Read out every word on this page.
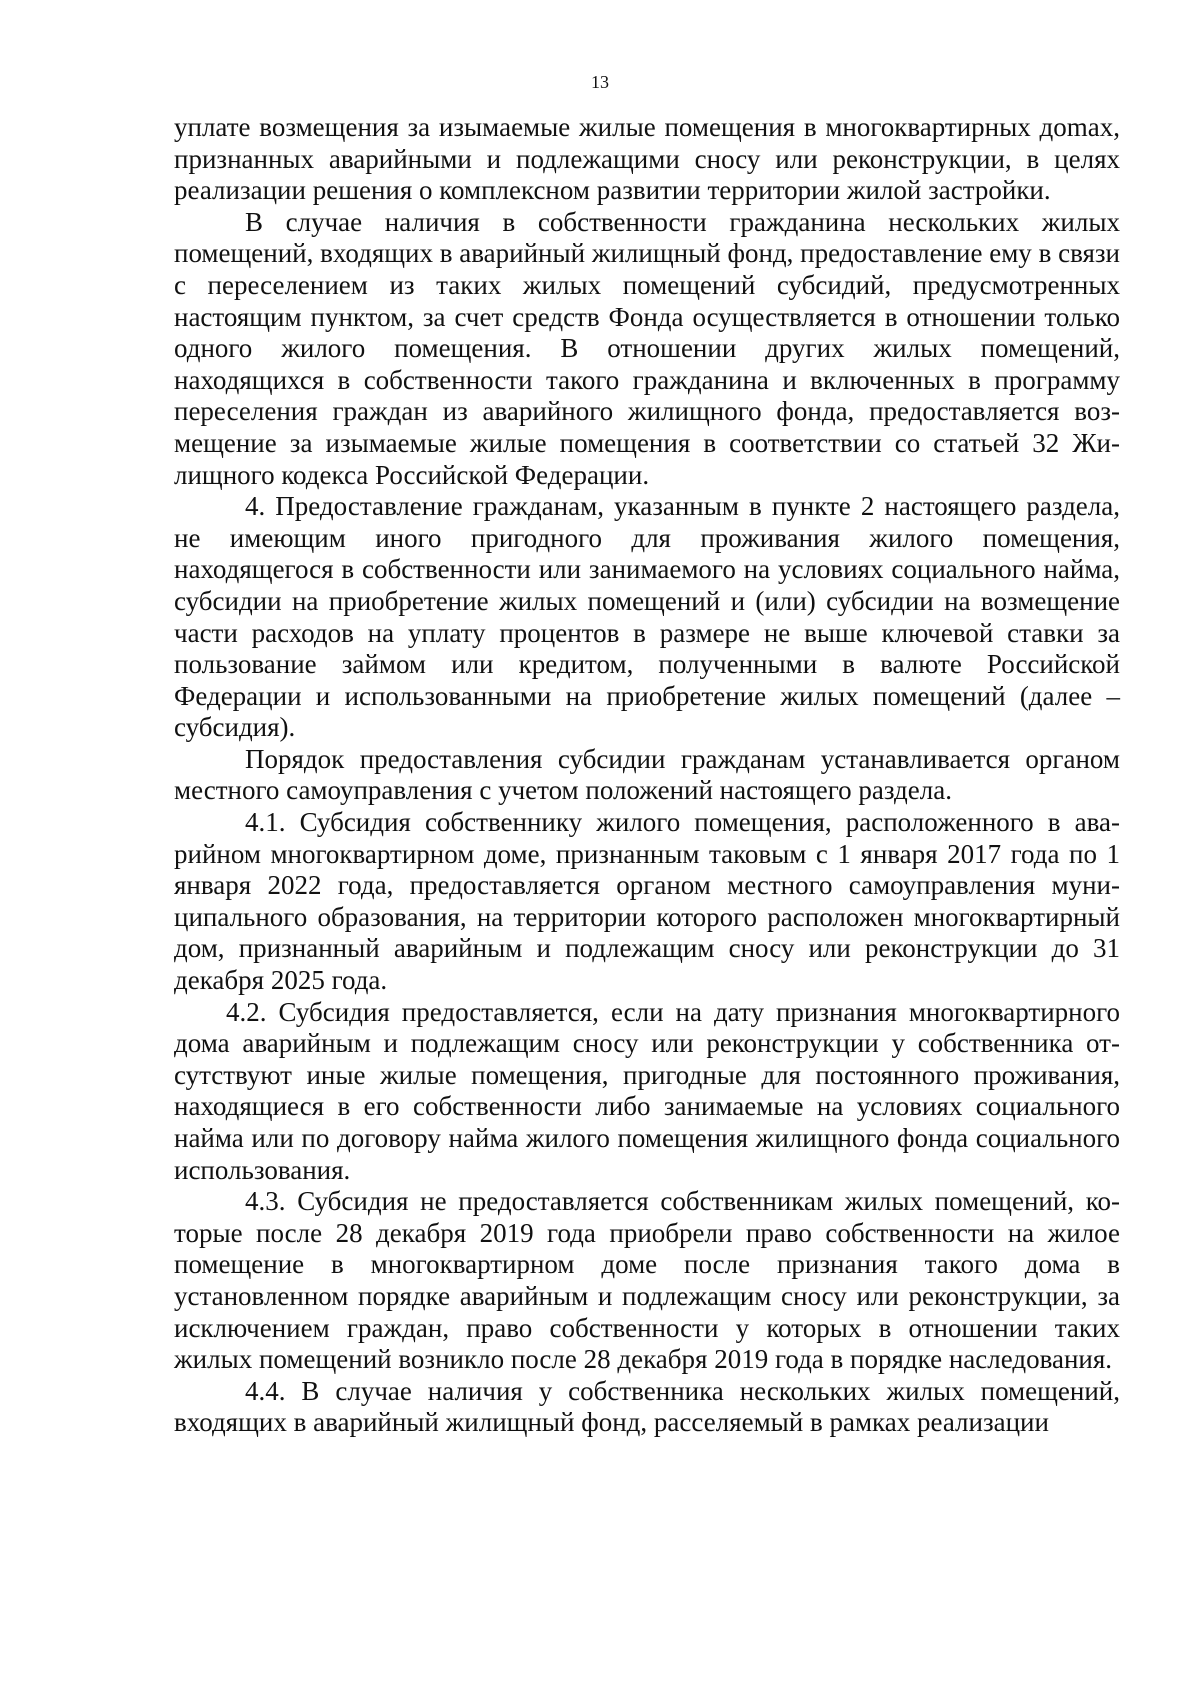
13

уплате возмещения за изымаемые жилые помещения в многоквартирных доmах, признанных аварийными и подлежащими сносу или реконструкции, в целях реализации решения о комплексном развитии территории жилой застройки.

В случае наличия в собственности гражданина нескольких жилых помещений, входящих в аварийный жилищный фонд, предоставление ему в связи с переселением из таких жилых помещений субсидий, предусмотренных настоящим пунктом, за счет средств Фонда осуществляется в отношении только одного жилого помещения. В отношении других жилых помещений, находящихся в собственности такого гражданина и включенных в программу переселения граждан из аварийного жилищного фонда, предоставляется возмещение за изымаемые жилые помещения в соответствии со статьей 32 Жилищного кодекса Российской Федерации.

4. Предоставление гражданам, указанным в пункте 2 настоящего раздела, не имеющим иного пригодного для проживания жилого помещения, находящегося в собственности или занимаемого на условиях социального найма, субсидии на приобретение жилых помещений и (или) субсидии на возмещение части расходов на уплату процентов в размере не выше ключевой ставки за пользование займом или кредитом, полученными в валюте Российской Федерации и использованными на приобретение жилых помещений (далее – субсидия).

Порядок предоставления субсидии гражданам устанавливается органом местного самоуправления с учетом положений настоящего раздела.

4.1. Субсидия собственнику жилого помещения, расположенного в аварийном многоквартирном доме, признанным таковым с 1 января 2017 года по 1 января 2022 года, предоставляется органом местного самоуправления муниципального образования, на территории которого расположен многоквартирный дом, признанный аварийным и подлежащим сносу или реконструкции до 31 декабря 2025 года.

4.2. Субсидия предоставляется, если на дату признания многоквартирного дома аварийным и подлежащим сносу или реконструкции у собственника отсутствуют иные жилые помещения, пригодные для постоянного проживания, находящиеся в его собственности либо занимаемые на условиях социального найма или по договору найма жилого помещения жилищного фонда социального использования.

4.3. Субсидия не предоставляется собственникам жилых помещений, которые после 28 декабря 2019 года приобрели право собственности на жилое помещение в многоквартирном доме после признания такого дома в установленном порядке аварийным и подлежащим сносу или реконструкции, за исключением граждан, право собственности у которых в отношении таких жилых помещений возникло после 28 декабря 2019 года в порядке наследования.

4.4. В случае наличия у собственника нескольких жилых помещений, входящих в аварийный жилищный фонд, расселяемый в рамках реализации
